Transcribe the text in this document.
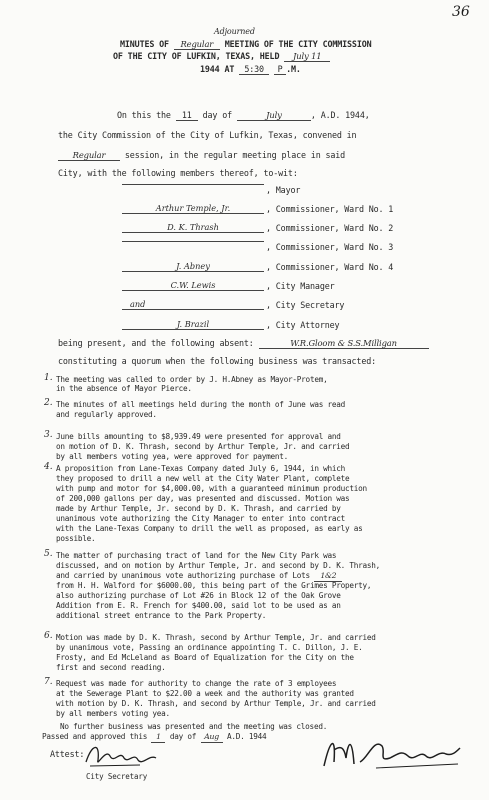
36
Adjourned
MINUTES OF Regular MEETING OF THE CITY COMMISSION
OF THE CITY OF LUFKIN, TEXAS, HELD July 11
1944 AT 5:30 P .M.
On this the 11 day of	July	, A.D. 1944,
the City Commission of the City of Lufkin, Texas, convened in
Regular session, in the regular meeting place in said
City, with the following members thereof, to-wit:
, Mayor
Arthur Temple, Jr.	, Commissioner, Ward No. 1
D. K. Thrash	, Commissioner, Ward No. 2
, Commissioner, Ward No. 3
J. Abney	, Commissioner, Ward No. 4
C.W. Lewis	, City Manager
and	, City Secretary
J. Brazil	, City Attorney
being present, and the following absent:	W.R.Gloom & S.S.Milligan
constituting a quorum when the following business was transacted:
1. The meeting was called to order by J. H.Abney as Mayor-Protem,
in the absence of Mayor Pierce.
2. The minutes of all meetings held during the month of June was read
and regularly approved.
3. June bills amounting to $8,939.49 were presented for approval and
on motion of D. K. Thrash, second by Arthur Temple, Jr. and carried
by all members voting yea, were approved for payment.
4. A proposition from Lane-Texas Company dated July 6, 1944, in which
they proposed to drill a new well at the City Water Plant, complete
with pump and motor for $4,000.00, with a guaranteed minimum production
of 200,000 gallons per day, was presented and discussed. Motion was
made by Arthur Temple, Jr. second by D. K. Thrash, and carried by
unanimous vote authorizing the City Manager to enter into contract
with the Lane-Texas Company to drill the well as proposed, as early as
possible.
5. The matter of purchasing tract of land for the New City Park was
discussed, and on motion by Arthur Temple, Jr. and second by D. K. Thrash,
and carried by unanimous vote authorizing purchase of Lots 1&2
from H. H. Walford for $6000.00, this being part of the Grimes Property,
also authorizing purchase of Lot #26 in Block 12 of the Oak Grove
Addition from E. R. French for $400.00, said lot to be used as an
additional street entrance to the Park Property.
6. Motion was made by D. K. Thrash, second by Arthur Temple, Jr. and carried
by unanimous vote, Passing an ordinance appointing T. C. Dillon, J. E.
Frosty, and Ed McLeland as Board of Equalization for the City on the
first and second reading.
7. Request was made for authority to change the rate of 3 employees
at the Sewerage Plant to $22.00 a week and the authority was granted
with motion by D. K. Thrash, and second by Arthur Temple, Jr. and carried
by all members voting yea.
No further business was presented and the meeting was closed.
Passed and approved this 1 day of Aug A.D. 1944
Attest:
City Secretary
